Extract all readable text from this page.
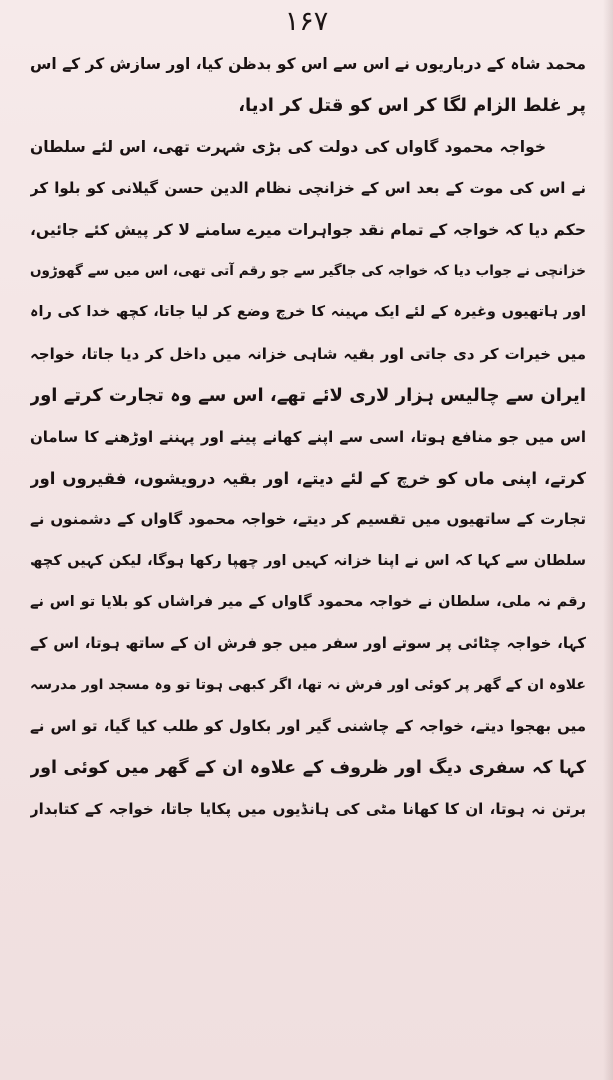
۱۶۷
محمد شاہ کے درباریوں نے اس سے اس کو بدظن کیا، اور سازش کر کے اس
پر غلط الزام لگا کر اس کو قتل کر ادیا،
خواجہ محمود گاواں کی دولت کی بڑی شہرت تھی، اس لئے سلطان
نے اس کی موت کے بعد اس کے خزانچی نظام الدین حسن گیلانی کو بلوا کر
حکم دیا کہ خواجہ کے تمام نقد جواہرات میرے سامنے لا کر پیش کئے جائیں،
خزانچی نے جواب دیا کہ خواجہ کی جاگیر سے جو رقم آتی تھی، اس میں سے گھوڑوں
اور ہاتھیوں وغیرہ کے لئے ایک مہینہ کا خرچ وضع کر لیا جاتا، کچھ خدا کی راہ
میں خیرات کر دی جاتی اور بقیہ شاہی خزانہ میں داخل کر دیا جاتا، خواجہ
ایران سے چالیس ہزار لاری لائے تھے، اس سے وہ تجارت کرتے اور
اس میں جو منافع ہوتا، اسی سے اپنے کھانے پینے اور پہننے اوڑھنے کا سامان
کرتے، اپنی ماں کو خرچ کے لئے دیتے، اور بقیہ درویشوں، فقیروں اور
تجارت کے ساتھیوں میں تقسیم کر دیتے، خواجہ محمود گاواں کے دشمنوں نے
سلطان سے کہا کہ اس نے اپنا خزانہ کہیں اور چھپا رکھا ہوگا، لیکن کہیں کچھ
رقم نہ ملی، سلطان نے خواجہ محمود گاواں کے میر فراشاں کو بلایا تو اس نے
کہا، خواجہ چٹائی پر سوتے اور سفر میں جو فرش ان کے ساتھ ہوتا، اس کے
علاوہ ان کے گھر پر کوئی اور فرش نہ تھا، اگر کبھی ہوتا تو وہ مسجد اور مدرسہ
میں بھجوا دیتے، خواجہ کے چاشنی گیر اور بکاول کو طلب کیا گیا، تو اس نے
کہا کہ سفری دیگ اور ظروف کے علاوہ ان کے گھر میں کوئی اور
برتن نہ ہوتا، ان کا کھانا مٹی کی ہانڈیوں میں پکایا جاتا، خواجہ کے کتابدار
